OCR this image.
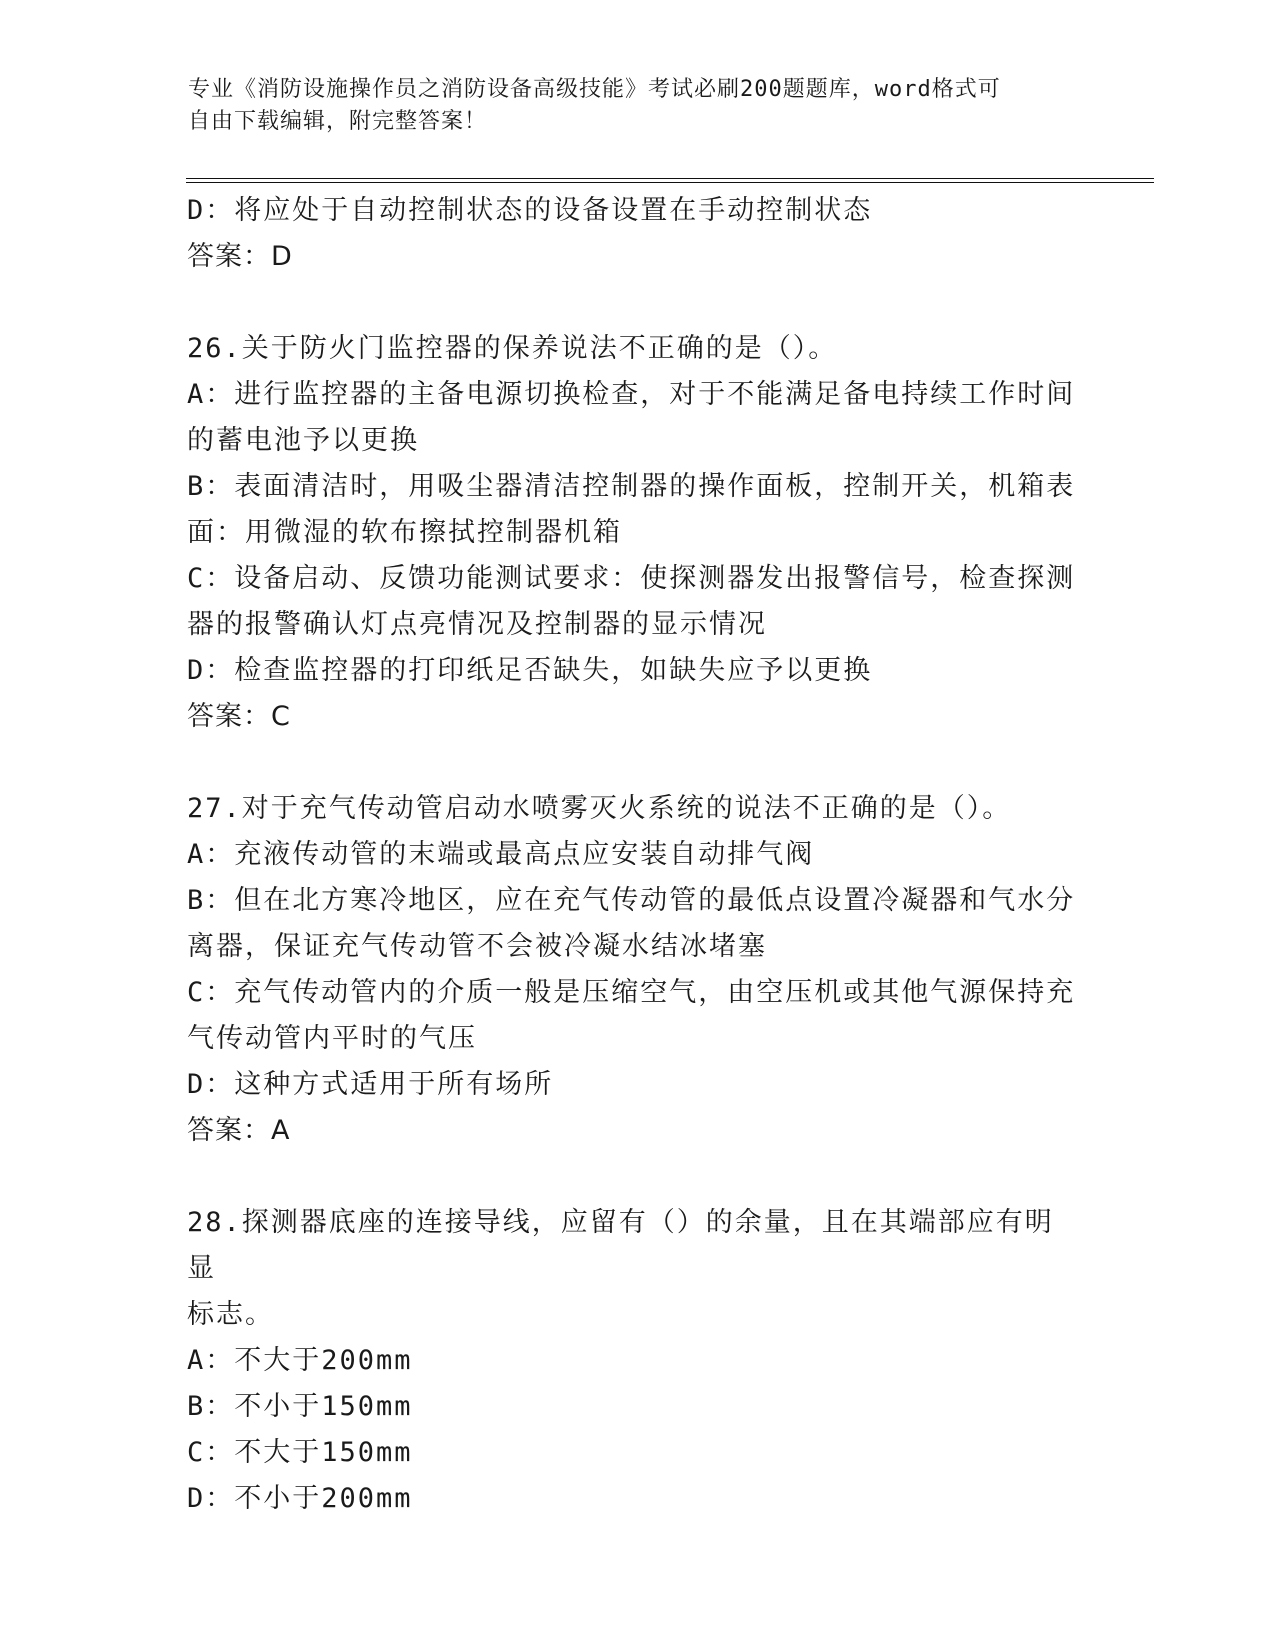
专业《消防设施操作员之消防设备高级技能》考试必刷200题题库，word格式可
自由下载编辑，附完整答案！
D：将应处于自动控制状态的设备设置在手动控制状态
答案：D
26.关于防火门监控器的保养说法不正确的是（）。
A：进行监控器的主备电源切换检查，对于不能满足备电持续工作时间
的蓄电池予以更换
B：表面清洁时，用吸尘器清洁控制器的操作面板，控制开关，机箱表
面：用微湿的软布擦拭控制器机箱
C：设备启动、反馈功能测试要求：使探测器发出报警信号，检查探测
器的报警确认灯点亮情况及控制器的显示情况
D：检查监控器的打印纸足否缺失，如缺失应予以更换
答案：C
27.对于充气传动管启动水喷雾灭火系统的说法不正确的是（）。
A：充液传动管的末端或最高点应安装自动排气阀
B：但在北方寒冷地区，应在充气传动管的最低点设置冷凝器和气水分
离器，保证充气传动管不会被冷凝水结冰堵塞
C：充气传动管内的介质一般是压缩空气，由空压机或其他气源保持充
气传动管内平时的气压
D：这种方式适用于所有场所
答案：A
28.探测器底座的连接导线，应留有（）的余量，且在其端部应有明显
标志。
A：不大于200mm
B：不小于150mm
C：不大于150mm
D：不小于200mm
